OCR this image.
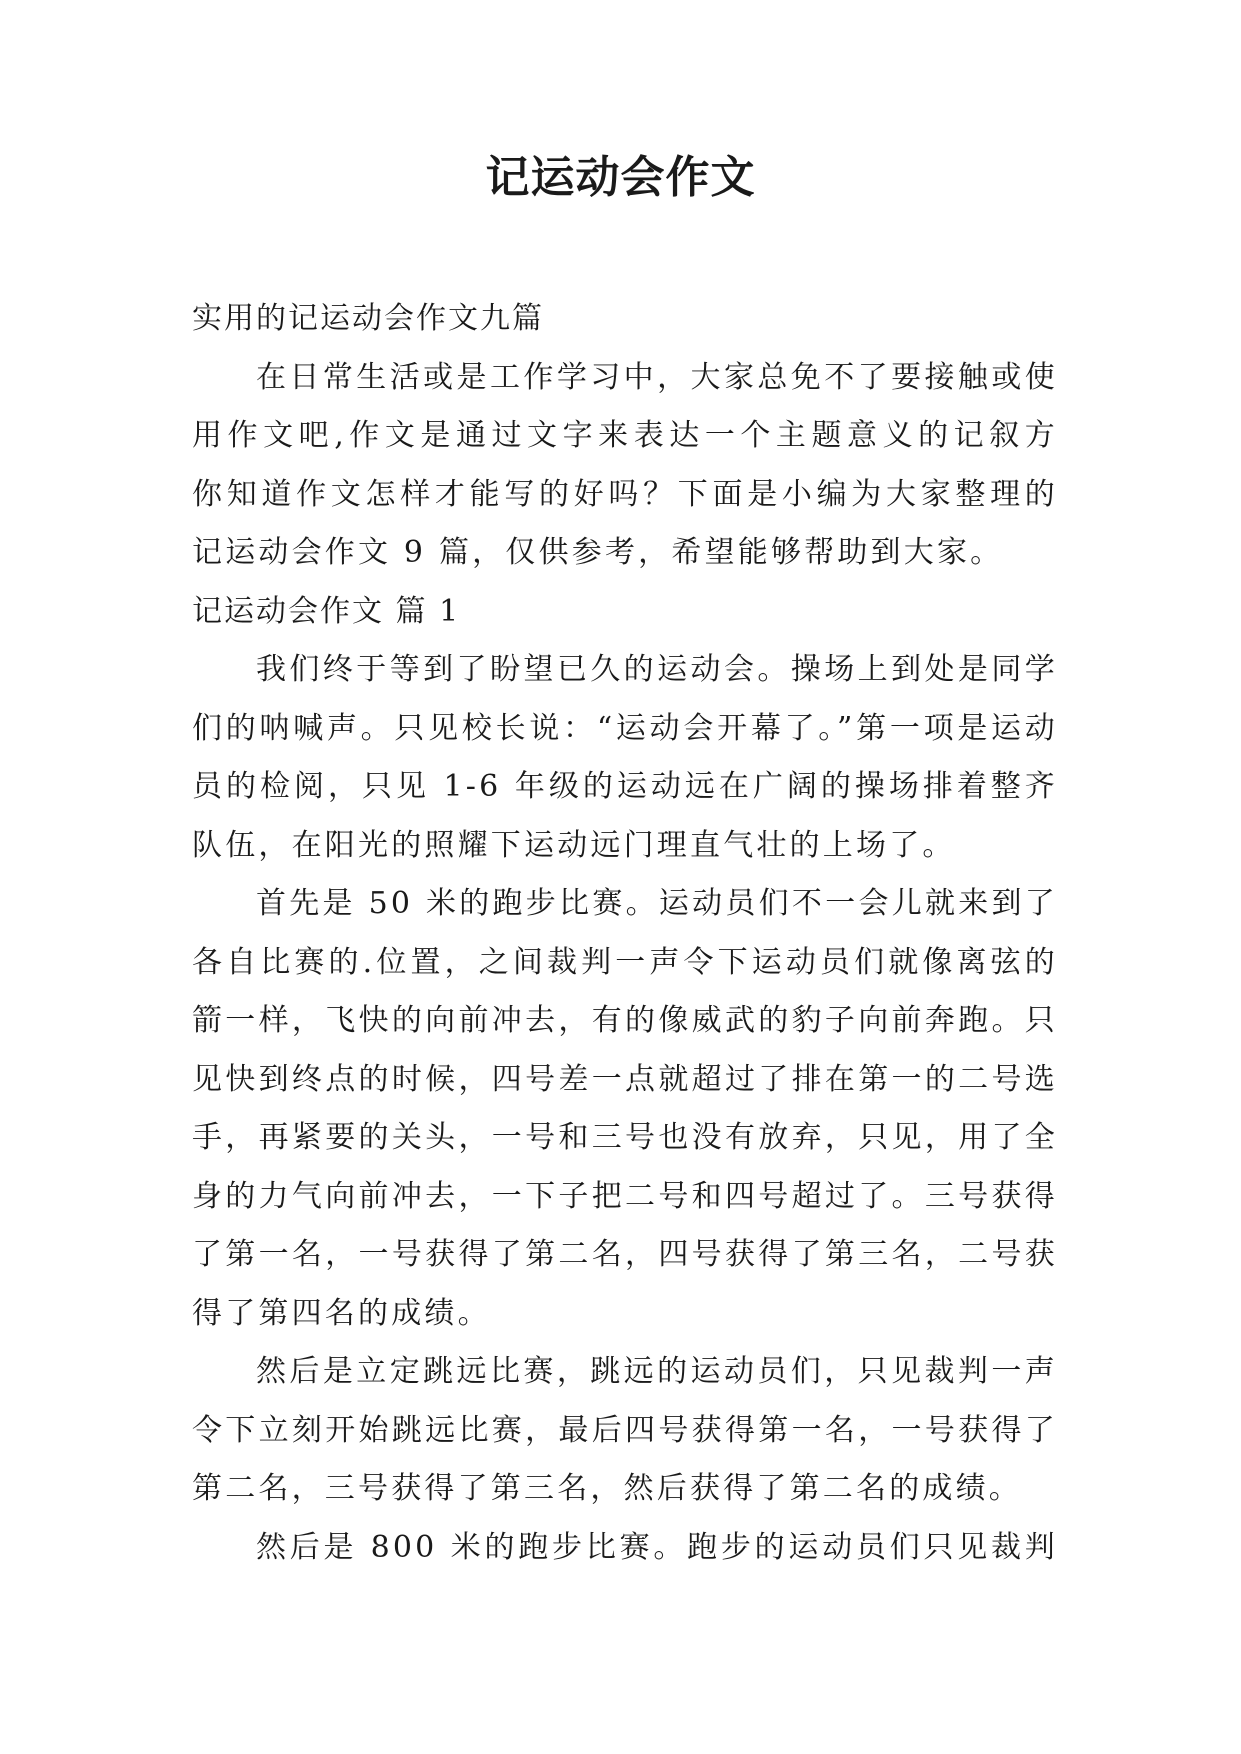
记运动会作文

实用的记运动会作文九篇

在日常生活或是工作学习中，大家总免不了要接触或使
用作文吧,作文是通过文字来表达一个主题意义的记叙方
你知道作文怎样才能写的好吗？下面是小编为大家整理的
记运动会作文 9 篇，仅供参考，希望能够帮助到大家。

记运动会作文 篇 1

我们终于等到了盼望已久的运动会。操场上到处是同学
们的呐喊声。只见校长说：“运动会开幕了。”第一项是运动
员的检阅，只见 1-6 年级的运动远在广阔的操场排着整齐
队伍，在阳光的照耀下运动远门理直气壮的上场了。
首先是 50 米的跑步比赛。运动员们不一会儿就来到了
各自比赛的.位置，之间裁判一声令下运动员们就像离弦的
箭一样，飞快的向前冲去，有的像威武的豹子向前奔跑。只
见快到终点的时候，四号差一点就超过了排在第一的二号选
手，再紧要的关头，一号和三号也没有放弃，只见，用了全
身的力气向前冲去，一下子把二号和四号超过了。三号获得
了第一名，一号获得了第二名，四号获得了第三名，二号获
得了第四名的成绩。
然后是立定跳远比赛，跳远的运动员们，只见裁判一声
令下立刻开始跳远比赛，最后四号获得第一名，一号获得了
第二名，三号获得了第三名，然后获得了第二名的成绩。
然后是 800 米的跑步比赛。跑步的运动员们只见裁判
